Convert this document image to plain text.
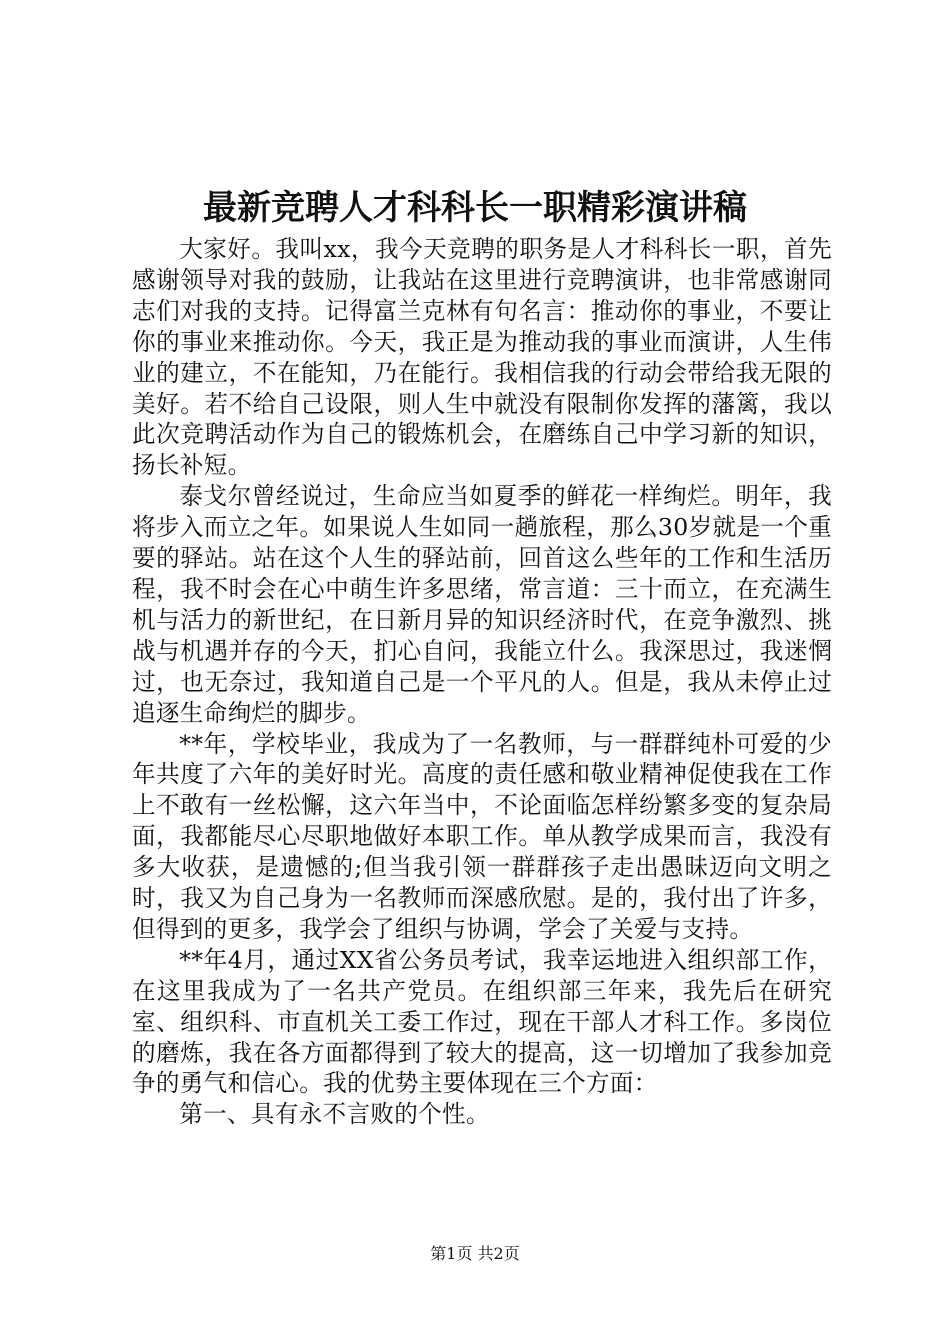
最新竞聘人才科科长一职精彩演讲稿

大家好。我叫xx，我今天竞聘的职务是人才科科长一职，首先感谢领导对我的鼓励，让我站在这里进行竞聘演讲，也非常感谢同志们对我的支持。记得富兰克林有句名言：推动你的事业，不要让你的事业来推动你。今天，我正是为推动我的事业而演讲，人生伟业的建立，不在能知，乃在能行。我相信我的行动会带给我无限的美好。若不给自己设限，则人生中就没有限制你发挥的藩篱，我以此次竞聘活动作为自己的锻炼机会，在磨练自己中学习新的知识，扬长补短。

泰戈尔曾经说过，生命应当如夏季的鲜花一样绚烂。明年，我将步入而立之年。如果说人生如同一趟旅程，那么30岁就是一个重要的驿站。站在这个人生的驿站前，回首这么些年的工作和生活历程，我不时会在心中萌生许多思绪，常言道：三十而立，在充满生机与活力的新世纪，在日新月异的知识经济时代，在竞争激烈、挑战与机遇并存的今天，扪心自问，我能立什么。我深思过，我迷惘过，也无奈过，我知道自己是一个平凡的人。但是，我从未停止过追逐生命绚烂的脚步。

**年，学校毕业，我成为了一名教师，与一群群纯朴可爱的少年共度了六年的美好时光。高度的责任感和敬业精神促使我在工作上不敢有一丝松懈，这六年当中，不论面临怎样纷繁多变的复杂局面，我都能尽心尽职地做好本职工作。单从教学成果而言，我没有多大收获，是遗憾的;但当我引领一群群孩子走出愚昧迈向文明之时，我又为自己身为一名教师而深感欣慰。是的，我付出了许多，但得到的更多，我学会了组织与协调，学会了关爱与支持。

**年4月，通过XX省公务员考试，我幸运地进入组织部工作，在这里我成为了一名共产党员。在组织部三年来，我先后在研究室、组织科、市直机关工委工作过，现在干部人才科工作。多岗位的磨炼，我在各方面都得到了较大的提高，这一切增加了我参加竞争的勇气和信心。我的优势主要体现在三个方面：

第一、具有永不言败的个性。

第1页 共2页
